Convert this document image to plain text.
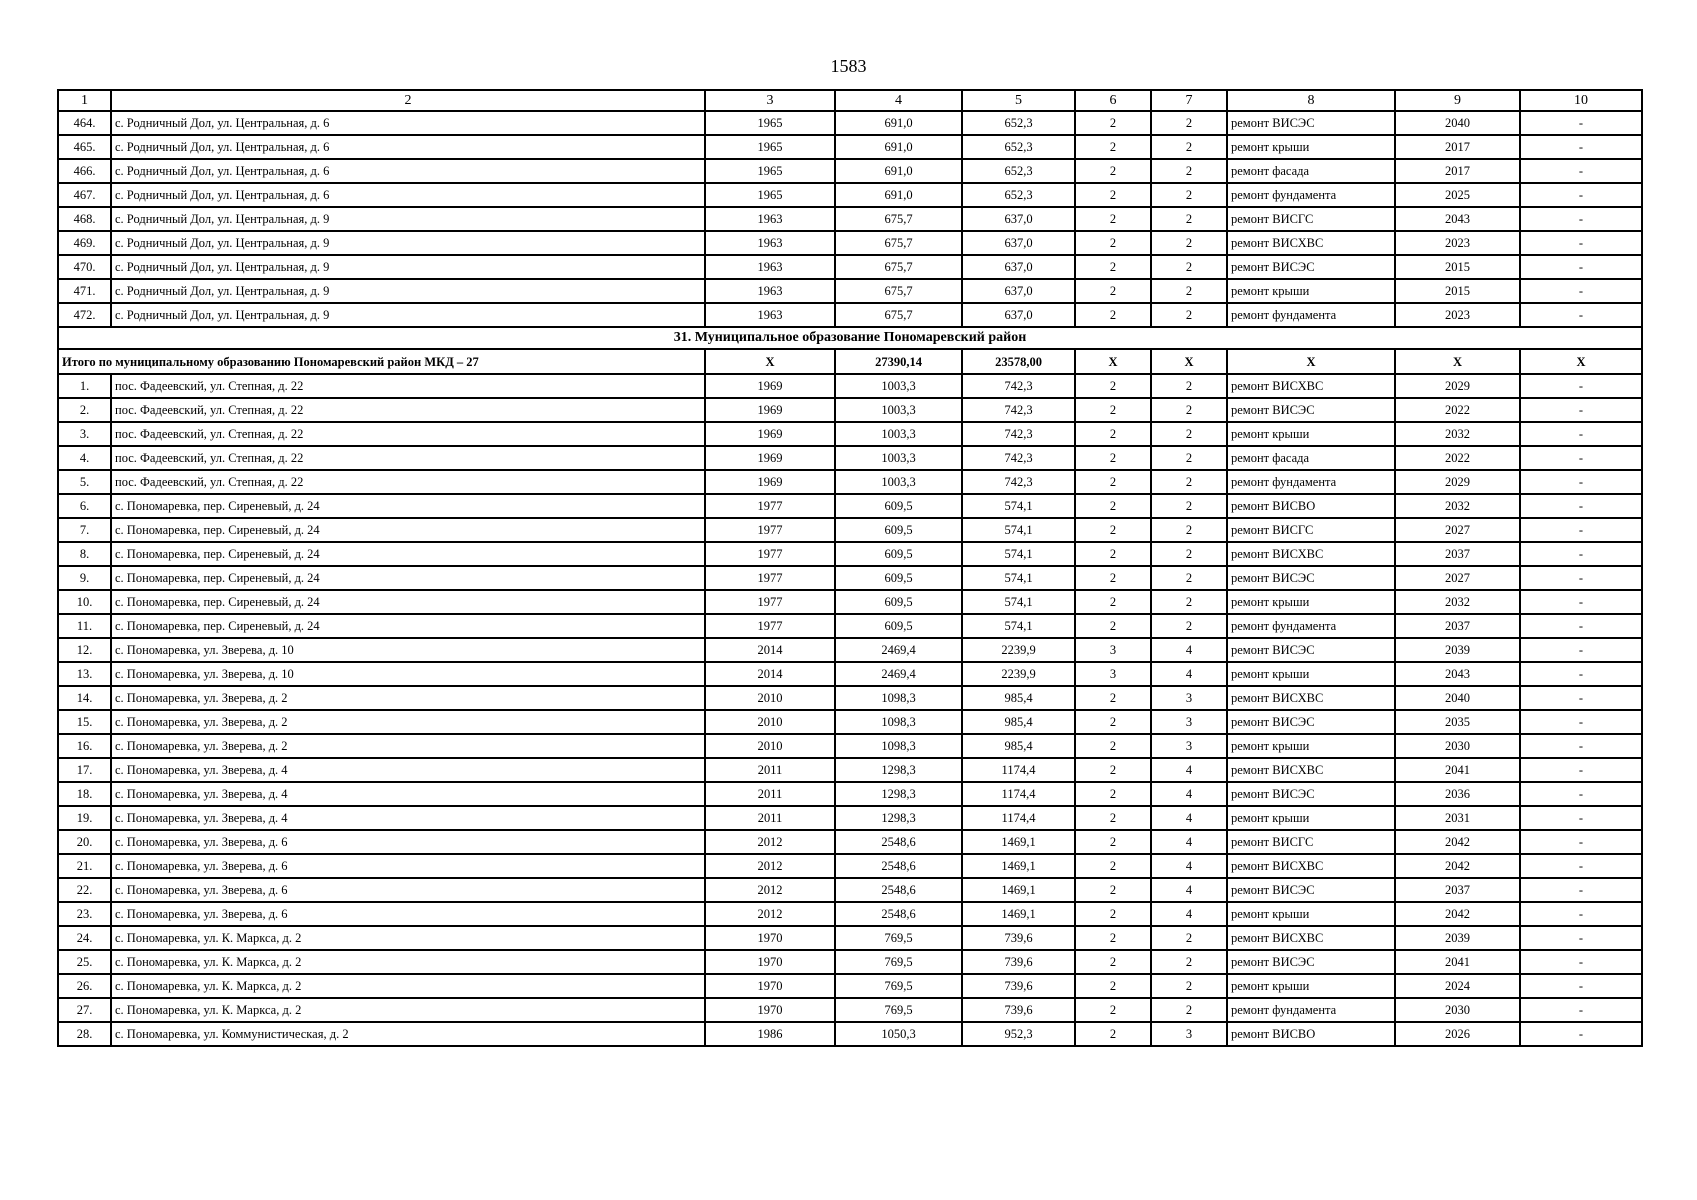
1583
1	2	3	4	5	6	7	8	9	10
464.	с. Родничный Дол, ул. Центральная, д. 6	1965	691,0	652,3	2	2	ремонт ВИСЭС	2040	-
465.	с. Родничный Дол, ул. Центральная, д. 6	1965	691,0	652,3	2	2	ремонт крыши	2017	-
466.	с. Родничный Дол, ул. Центральная, д. 6	1965	691,0	652,3	2	2	ремонт фасада	2017	-
467.	с. Родничный Дол, ул. Центральная, д. 6	1965	691,0	652,3	2	2	ремонт фундамента	2025	-
468.	с. Родничный Дол, ул. Центральная, д. 9	1963	675,7	637,0	2	2	ремонт ВИСГС	2043	-
469.	с. Родничный Дол, ул. Центральная, д. 9	1963	675,7	637,0	2	2	ремонт ВИСХВС	2023	-
470.	с. Родничный Дол, ул. Центральная, д. 9	1963	675,7	637,0	2	2	ремонт ВИСЭС	2015	-
471.	с. Родничный Дол, ул. Центральная, д. 9	1963	675,7	637,0	2	2	ремонт крыши	2015	-
472.	с. Родничный Дол, ул. Центральная, д. 9	1963	675,7	637,0	2	2	ремонт фундамента	2023	-
31. Муниципальное образование Пономаревский район									
Итого по муниципальному образованию Пономаревский район МКД – 27		Х	27390,14	23578,00	Х	Х	Х	Х	Х
1.	пос. Фадеевский, ул. Степная, д. 22	1969	1003,3	742,3	2	2	ремонт ВИСХВС	2029	-
2.	пос. Фадеевский, ул. Степная, д. 22	1969	1003,3	742,3	2	2	ремонт ВИСЭС	2022	-
3.	пос. Фадеевский, ул. Степная, д. 22	1969	1003,3	742,3	2	2	ремонт крыши	2032	-
4.	пос. Фадеевский, ул. Степная, д. 22	1969	1003,3	742,3	2	2	ремонт фасада	2022	-
5.	пос. Фадеевский, ул. Степная, д. 22	1969	1003,3	742,3	2	2	ремонт фундамента	2029	-
6.	с. Пономаревка, пер. Сиреневый, д. 24	1977	609,5	574,1	2	2	ремонт ВИСВО	2032	-
7.	с. Пономаревка, пер. Сиреневый, д. 24	1977	609,5	574,1	2	2	ремонт ВИСГС	2027	-
8.	с. Пономаревка, пер. Сиреневый, д. 24	1977	609,5	574,1	2	2	ремонт ВИСХВС	2037	-
9.	с. Пономаревка, пер. Сиреневый, д. 24	1977	609,5	574,1	2	2	ремонт ВИСЭС	2027	-
10.	с. Пономаревка, пер. Сиреневый, д. 24	1977	609,5	574,1	2	2	ремонт крыши	2032	-
11.	с. Пономаревка, пер. Сиреневый, д. 24	1977	609,5	574,1	2	2	ремонт фундамента	2037	-
12.	с. Пономаревка, ул. Зверева, д. 10	2014	2469,4	2239,9	3	4	ремонт ВИСЭС	2039	-
13.	с. Пономаревка, ул. Зверева, д. 10	2014	2469,4	2239,9	3	4	ремонт крыши	2043	-
14.	с. Пономаревка, ул. Зверева, д. 2	2010	1098,3	985,4	2	3	ремонт ВИСХВС	2040	-
15.	с. Пономаревка, ул. Зверева, д. 2	2010	1098,3	985,4	2	3	ремонт ВИСЭС	2035	-
16.	с. Пономаревка, ул. Зверева, д. 2	2010	1098,3	985,4	2	3	ремонт крыши	2030	-
17.	с. Пономаревка, ул. Зверева, д. 4	2011	1298,3	1174,4	2	4	ремонт ВИСХВС	2041	-
18.	с. Пономаревка, ул. Зверева, д. 4	2011	1298,3	1174,4	2	4	ремонт ВИСЭС	2036	-
19.	с. Пономаревка, ул. Зверева, д. 4	2011	1298,3	1174,4	2	4	ремонт крыши	2031	-
20.	с. Пономаревка, ул. Зверева, д. 6	2012	2548,6	1469,1	2	4	ремонт ВИСГС	2042	-
21.	с. Пономаревка, ул. Зверева, д. 6	2012	2548,6	1469,1	2	4	ремонт ВИСХВС	2042	-
22.	с. Пономаревка, ул. Зверева, д. 6	2012	2548,6	1469,1	2	4	ремонт ВИСЭС	2037	-
23.	с. Пономаревка, ул. Зверева, д. 6	2012	2548,6	1469,1	2	4	ремонт крыши	2042	-
24.	с. Пономаревка, ул. К. Маркса, д. 2	1970	769,5	739,6	2	2	ремонт ВИСХВС	2039	-
25.	с. Пономаревка, ул. К. Маркса, д. 2	1970	769,5	739,6	2	2	ремонт ВИСЭС	2041	-
26.	с. Пономаревка, ул. К. Маркса, д. 2	1970	769,5	739,6	2	2	ремонт крыши	2024	-
27.	с. Пономаревка, ул. К. Маркса, д. 2	1970	769,5	739,6	2	2	ремонт фундамента	2030	-
28.	с. Пономаревка, ул. Коммунистическая, д. 2	1986	1050,3	952,3	2	3	ремонт ВИСВО	2026	-
